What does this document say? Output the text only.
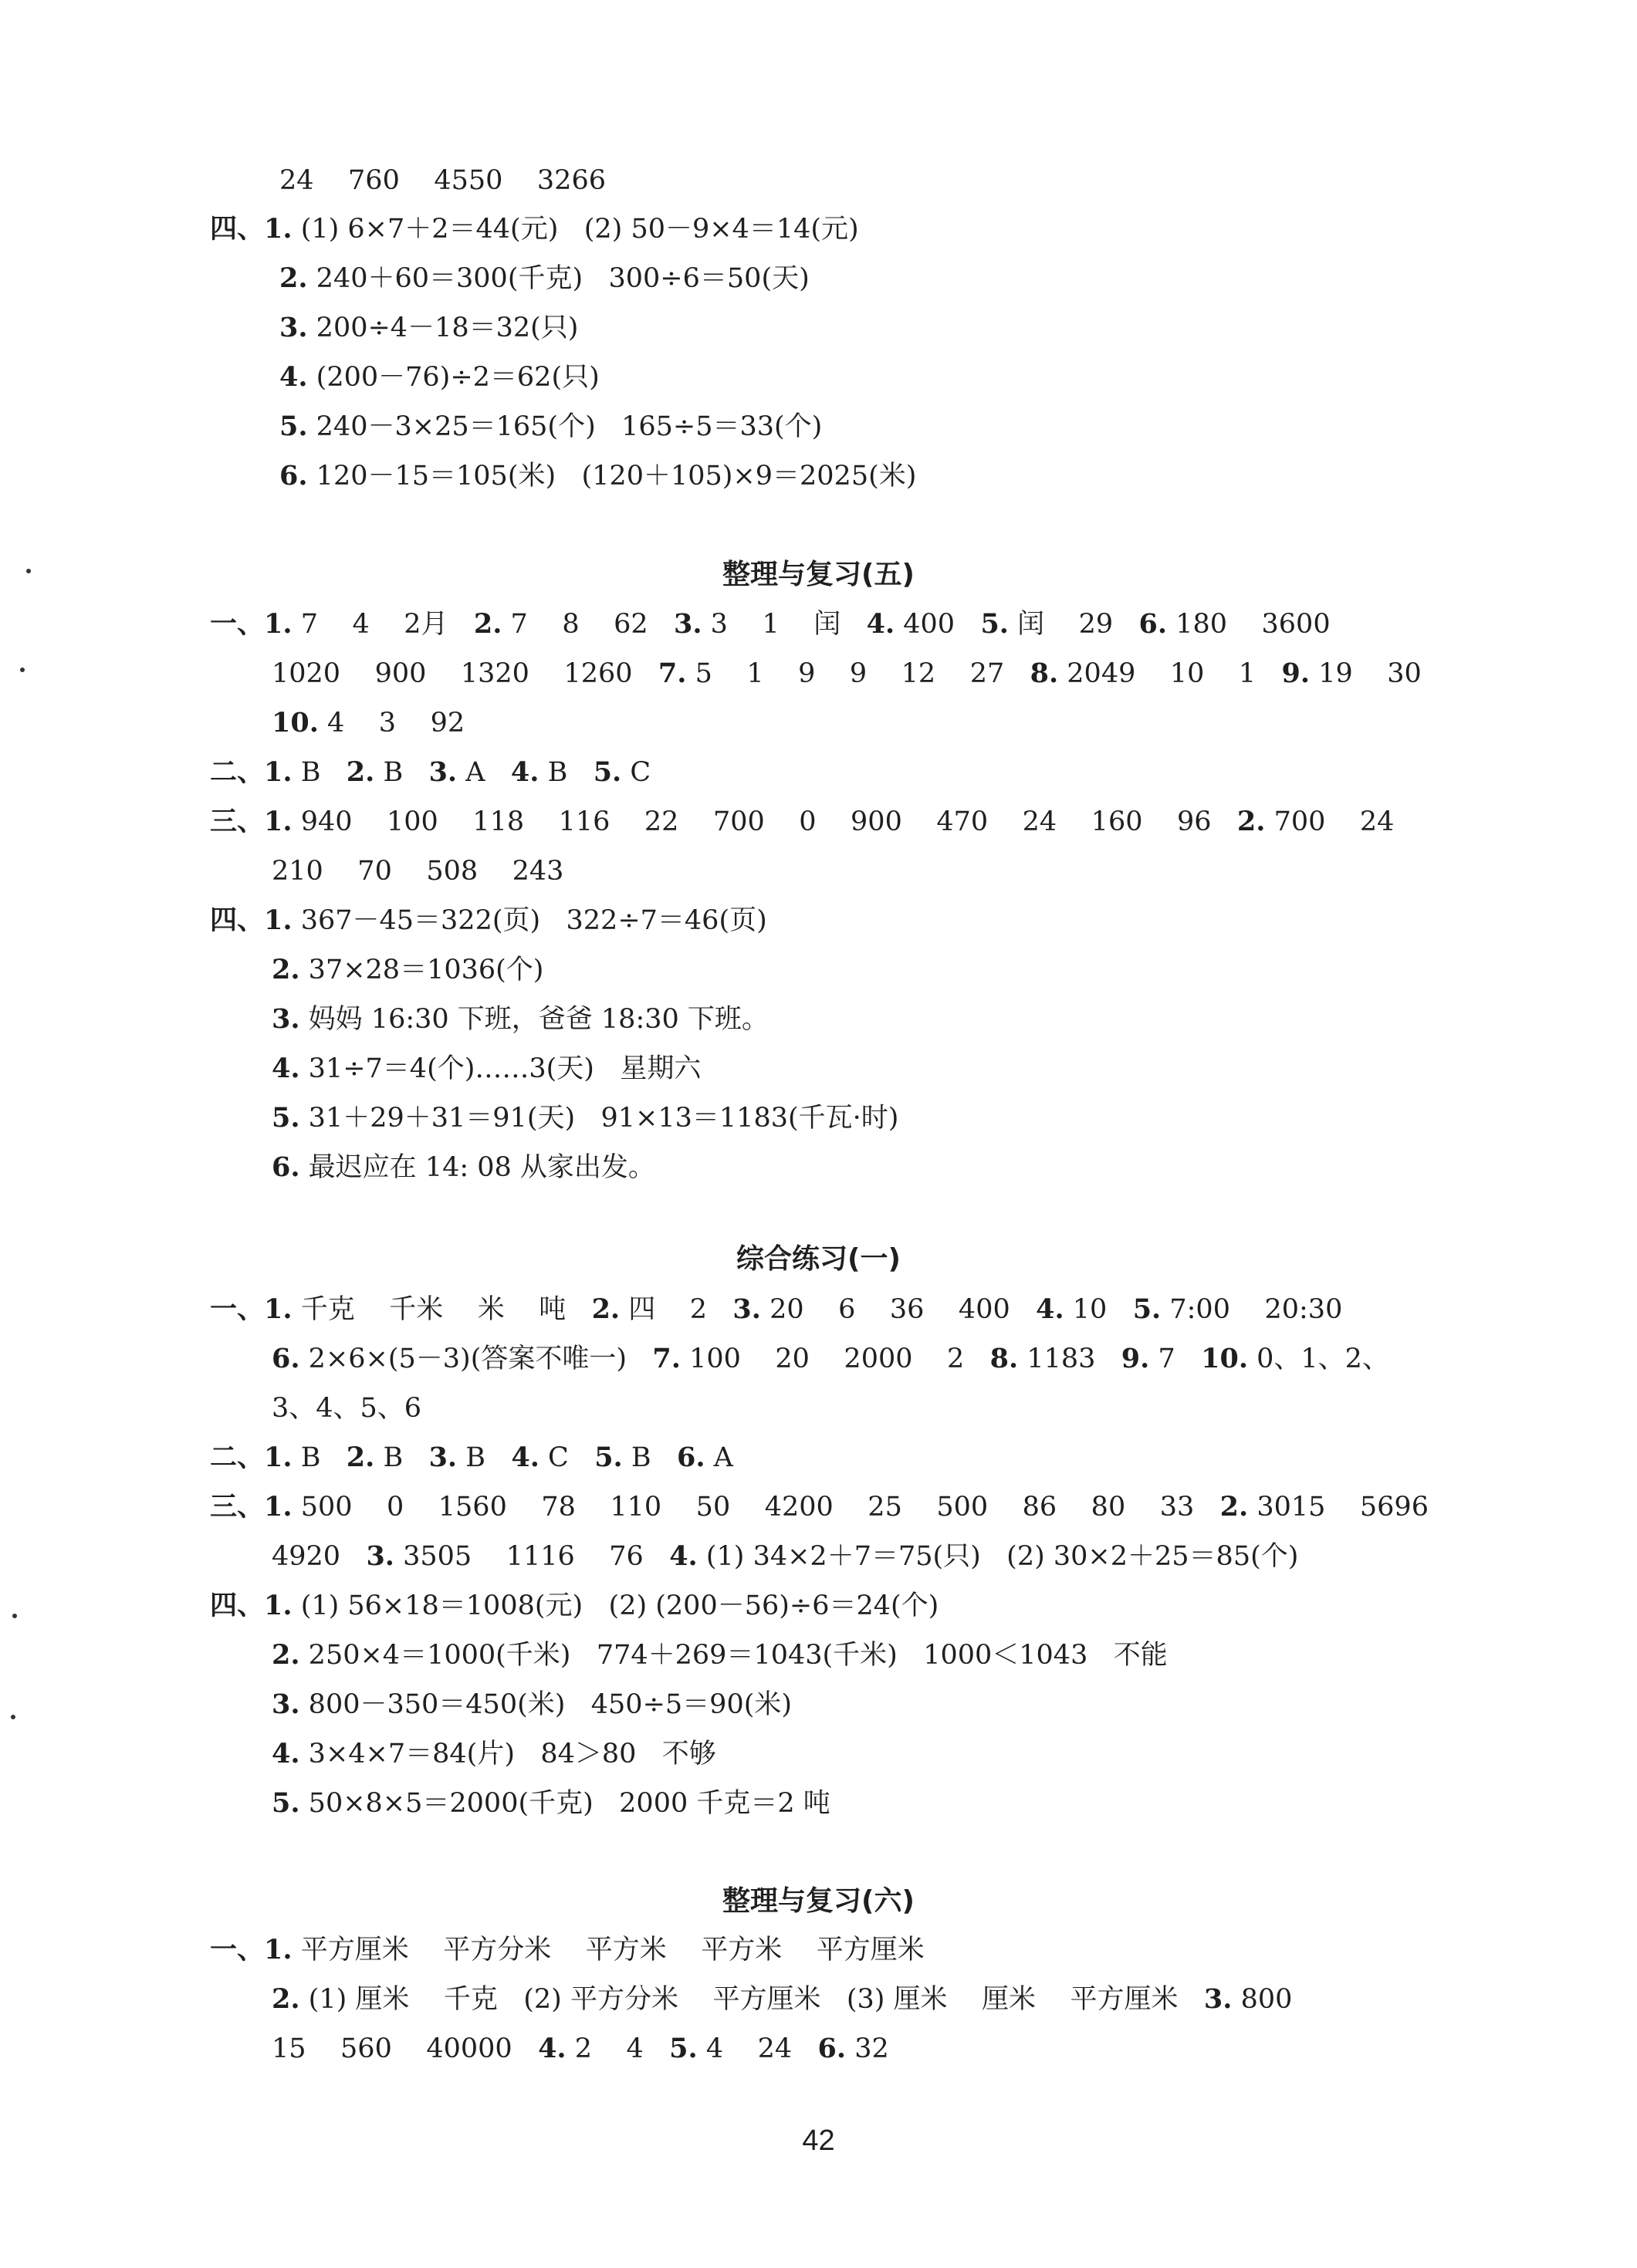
24    760    4550    3266
四、1. (1) 6×7＋2＝44(元)   (2) 50－9×4＝14(元)
2. 240＋60＝300(千克)   300÷6＝50(天)
3. 200÷4－18＝32(只)
4. (200－76)÷2＝62(只)
5. 240－3×25＝165(个)   165÷5＝33(个)
6. 120－15＝105(米)   (120＋105)×9＝2025(米)
整理与复习(五)
一、1. 7    4    2月   2. 7    8    62   3. 3    1    闰   4. 400   5. 闰    29   6. 180    3600
1020    900    1320    1260   7. 5    1    9    9    12    27   8. 2049    10    1   9. 19    30
10. 4    3    92
二、1. B   2. B   3. A   4. B   5. C
三、1. 940    100    118    116    22    700    0    900    470    24    160    96   2. 700    24
210    70    508    243
四、1. 367－45＝322(页)   322÷7＝46(页)
2. 37×28＝1036(个)
3. 妈妈 16:30 下班，爸爸 18:30 下班。
4. 31÷7＝4(个)……3(天)   星期六
5. 31＋29＋31＝91(天)   91×13＝1183(千瓦·时)
6. 最迟应在 14: 08 从家出发。
综合练习(一)
一、1. 千克    千米    米    吨   2. 四    2   3. 20    6    36    400   4. 10   5. 7:00    20:30
6. 2×6×(5－3)(答案不唯一)   7. 100    20    2000    2   8. 1183   9. 7   10. 0、1、2、
3、4、5、6
二、1. B   2. B   3. B   4. C   5. B   6. A
三、1. 500    0    1560    78    110    50    4200    25    500    86    80    33   2. 3015    5696
4920   3. 3505    1116    76   4. (1) 34×2＋7＝75(只)   (2) 30×2＋25＝85(个)
四、1. (1) 56×18＝1008(元)   (2) (200－56)÷6＝24(个)
2. 250×4＝1000(千米)   774＋269＝1043(千米)   1000＜1043   不能
3. 800－350＝450(米)   450÷5＝90(米)
4. 3×4×7＝84(片)   84＞80   不够
5. 50×8×5＝2000(千克)   2000 千克＝2 吨
整理与复习(六)
一、1. 平方厘米    平方分米    平方米    平方米    平方厘米
2. (1) 厘米    千克   (2) 平方分米    平方厘米   (3) 厘米    厘米    平方厘米   3. 800
15    560    40000   4. 2    4   5. 4    24   6. 32
42
